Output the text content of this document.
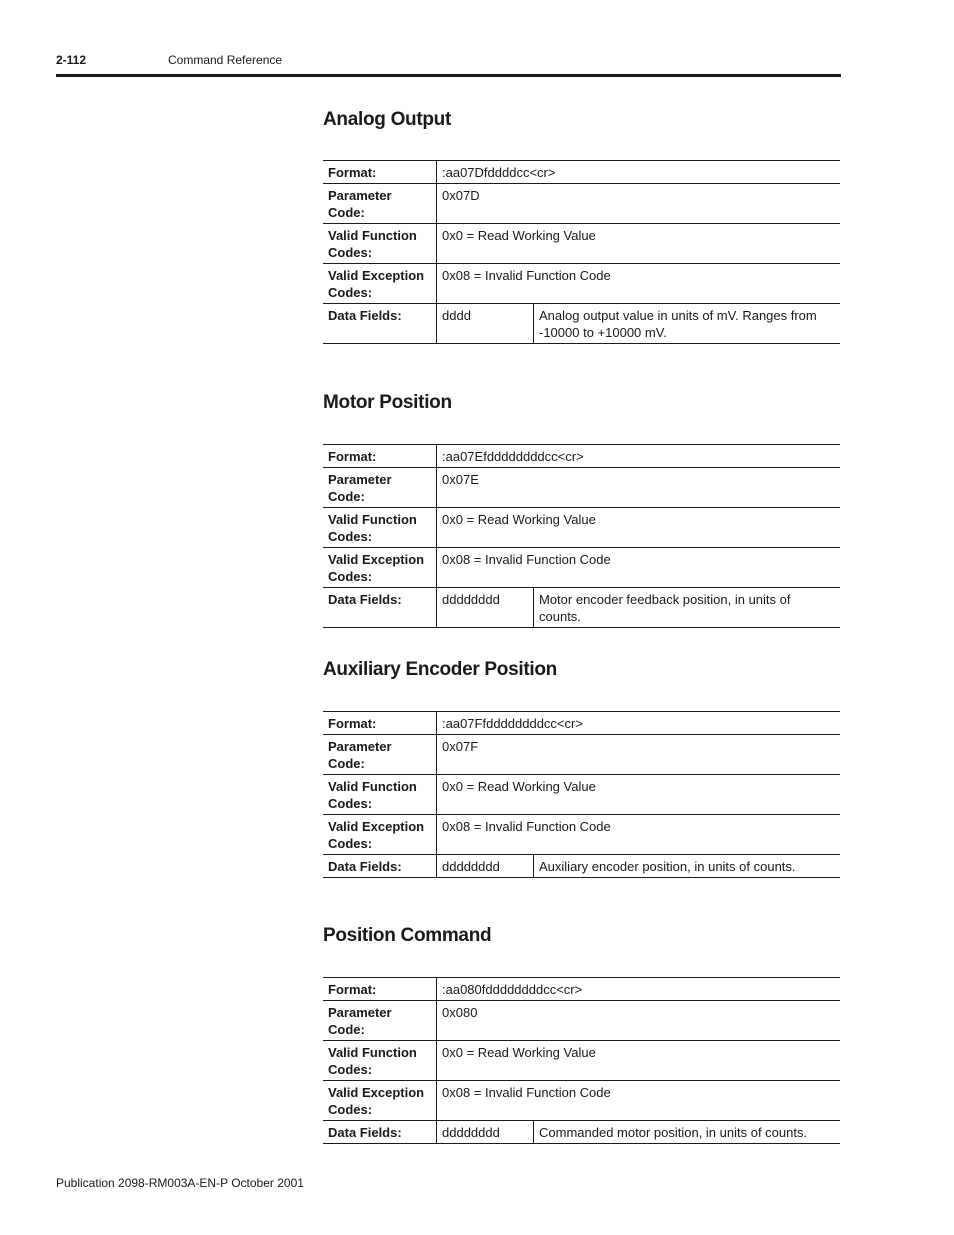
2-112	Command Reference
Analog Output
Format:	:aa07Dfddddcc<cr>	
Parameter
Code:	0x07D	
Valid Function
Codes:	0x0 = Read Working Value	
Valid Exception
Codes:	0x08 = Invalid Function Code	
Data Fields:	dddd	Analog output value in units of mV. Ranges from -10000 to +10000 mV.
Motor Position
Format:	:aa07Efddddddddcc<cr>	
Parameter
Code:	0x07E	
Valid Function
Codes:	0x0 = Read Working Value	
Valid Exception
Codes:	0x08 = Invalid Function Code	
Data Fields:	dddddddd	Motor encoder feedback position, in units of counts.
Auxiliary Encoder Position
Format:	:aa07Ffddddddddcc<cr>	
Parameter
Code:	0x07F	
Valid Function
Codes:	0x0 = Read Working Value	
Valid Exception
Codes:	0x08 = Invalid Function Code	
Data Fields:	dddddddd	Auxiliary encoder position, in units of counts.
Position Command
Format:	:aa080fddddddddcc<cr>	
Parameter
Code:	0x080	
Valid Function
Codes:	0x0 = Read Working Value	
Valid Exception
Codes:	0x08 = Invalid Function Code	
Data Fields:	dddddddd	Commanded motor position, in units of counts.
Publication 2098-RM003A-EN-P October 2001
